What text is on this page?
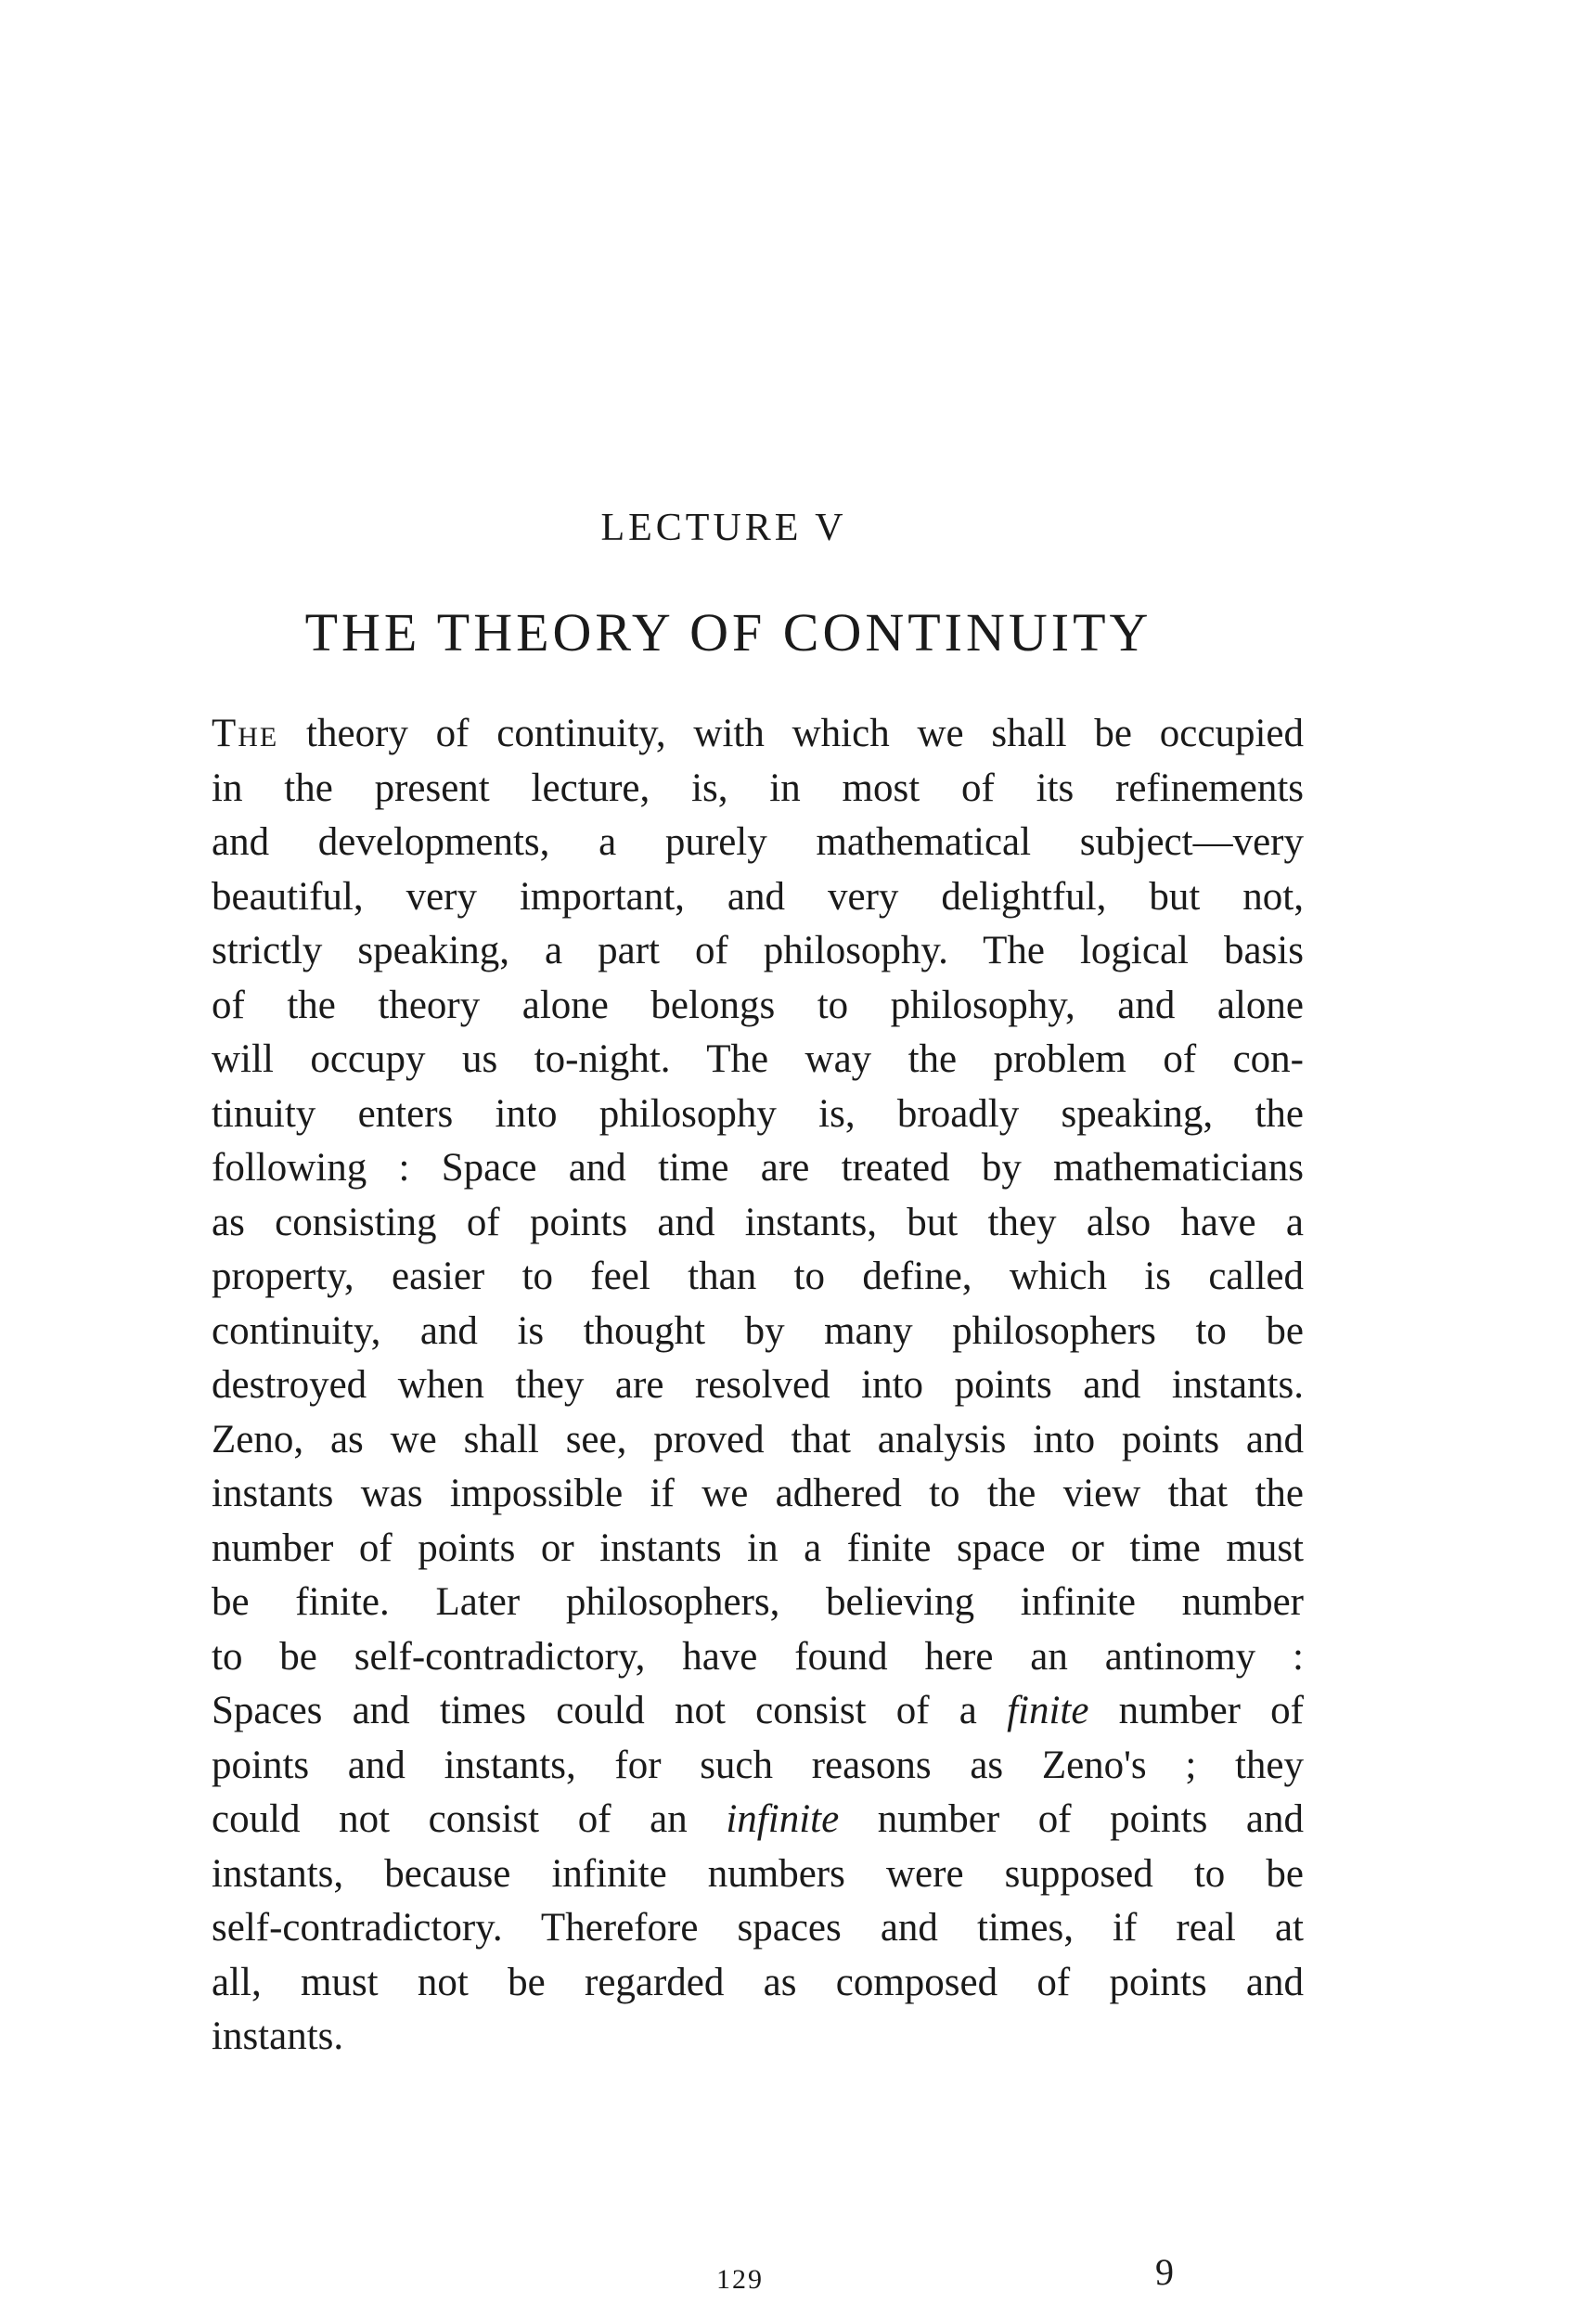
LECTURE V
THE THEORY OF CONTINUITY
The theory of continuity, with which we shall be occupied
in the present lecture, is, in most of its refinements
and developments, a purely mathematical subject—very
beautiful, very important, and very delightful, but not,
strictly speaking, a part of philosophy. The logical basis
of the theory alone belongs to philosophy, and alone
will occupy us to-night. The way the problem of con-
tinuity enters into philosophy is, broadly speaking, the
following : Space and time are treated by mathematicians
as consisting of points and instants, but they also have a
property, easier to feel than to define, which is called
continuity, and is thought by many philosophers to be
destroyed when they are resolved into points and instants.
Zeno, as we shall see, proved that analysis into points and
instants was impossible if we adhered to the view that the
number of points or instants in a finite space or time must
be finite. Later philosophers, believing infinite number
to be self-contradictory, have found here an antinomy :
Spaces and times could not consist of a finite number of
points and instants, for such reasons as Zeno's ; they
could not consist of an infinite number of points and
instants, because infinite numbers were supposed to be
self-contradictory. Therefore spaces and times, if real at
all, must not be regarded as composed of points and
instants.
129	9
